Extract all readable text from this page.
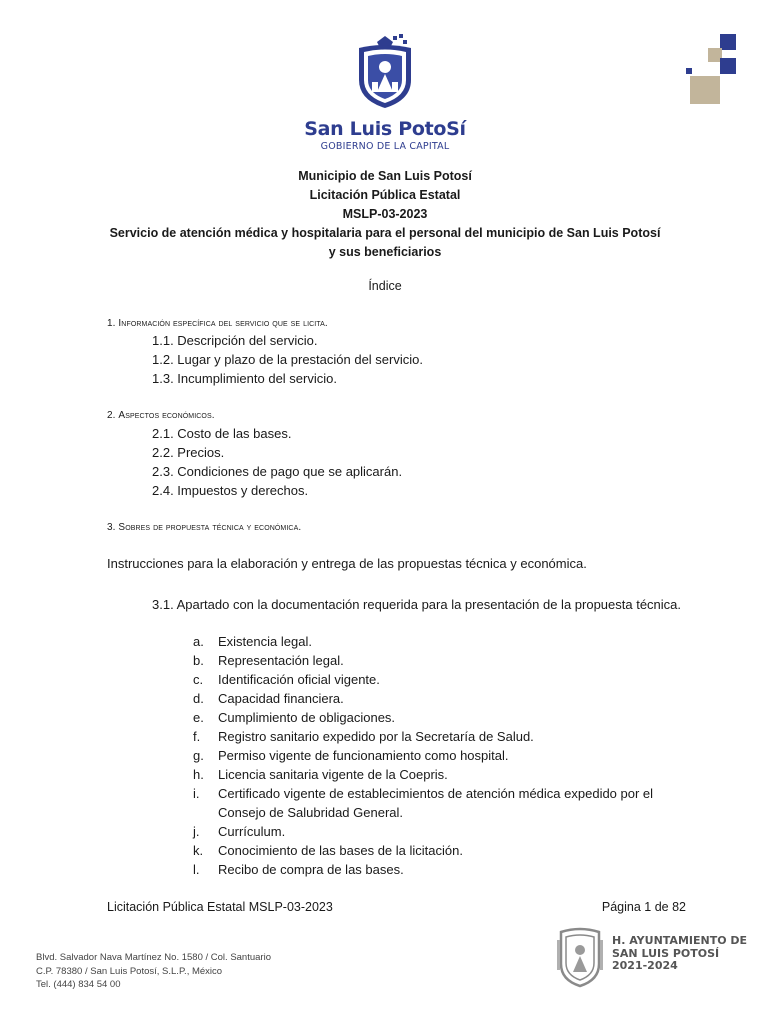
San Luis PotoSí
GOBIERNO DE LA CAPITAL
Municipio de San Luis Potosí
Licitación Pública Estatal
MSLP-03-2023
Servicio de atención médica y hospitalaria para el personal del municipio de San Luis Potosí
y sus beneficiarios
Índice
1. Información específica del servicio que se licita.
1.1. Descripción del servicio.
1.2. Lugar y plazo de la prestación del servicio.
1.3. Incumplimiento del servicio.
2. Aspectos económicos.
2.1. Costo de las bases.
2.2. Precios.
2.3. Condiciones de pago que se aplicarán.
2.4. Impuestos y derechos.
3. Sobres de propuesta técnica y económica.
Instrucciones para la elaboración y entrega de las propuestas técnica y económica.
3.1. Apartado con la documentación requerida para la presentación de la propuesta técnica.
a.	Existencia legal.
b.	Representación legal.
c.	Identificación oficial vigente.
d.	Capacidad financiera.
e.	Cumplimiento de obligaciones.
f.	Registro sanitario expedido por la Secretaría de Salud.
g.	Permiso vigente de funcionamiento como hospital.
h.	Licencia sanitaria vigente de la Coepris.
i.	Certificado vigente de establecimientos de atención médica expedido por el Consejo de Salubridad General.
j.	Currículum.
k.	Conocimiento de las bases de la licitación.
l.	Recibo de compra de las bases.
Licitación Pública Estatal MSLP-03-2023	Página 1 de 82
Blvd. Salvador Nava Martínez No. 1580 / Col. Santuario
C.P. 78380 / San Luis Potosí, S.L.P., México
Tel. (444) 834 54 00
H. AYUNTAMIENTO DE
SAN LUIS POTOSÍ
2021-2024
